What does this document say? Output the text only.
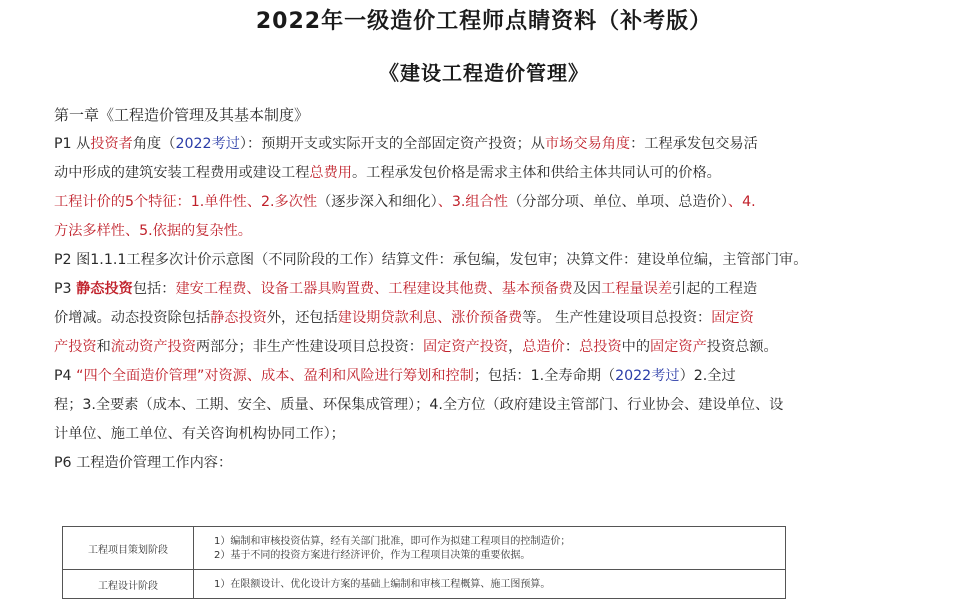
2022年一级造价工程师点睛资料（补考版）
《建设工程造价管理》
第一章《工程造价管理及其基本制度》
P1 从投资者角度（2022考过）：预期开支或实际开支的全部固定资产投资；从市场交易角度：工程承发包交易活
动中形成的建筑安装工程费用或建设工程总费用。工程承发包价格是需求主体和供给主体共同认可的价格。
工程计价的5个特征：1.单件性、2.多次性（逐步深入和细化）、3.组合性（分部分项、单位、单项、总造价）、4.
方法多样性、5.依据的复杂性。
P2 图1.1.1工程多次计价示意图（不同阶段的工作）结算文件：承包编，发包审；决算文件：建设单位编，主管部门审。
P3 静态投资包括：建安工程费、设备工器具购置费、工程建设其他费、基本预备费及因工程量误差引起的工程造
价增减。动态投资除包括静态投资外，还包括建设期贷款利息、涨价预备费等。 生产性建设项目总投资：固定资
产投资和流动资产投资两部分；非生产性建设项目总投资：固定资产投资，总造价：总投资中的固定资产投资总额。
P4 “四个全面造价管理”对资源、成本、盈利和风险进行筹划和控制；包括：1.全寿命期（2022考过）2.全过
程；3.全要素（成本、工期、安全、质量、环保集成管理）；4.全方位（政府建设主管部门、行业协会、建设单位、设
计单位、施工单位、有关咨询机构协同工作）；
P6 工程造价管理工作内容：
工程项目策划阶段
1）编制和审核投资估算，经有关部门批准，即可作为拟建工程项目的控制造价；
2）基于不同的投资方案进行经济评价，作为工程项目决策的重要依据。
工程设计阶段	1）在限额设计、优化设计方案的基础上编制和审核工程概算、施工图预算。
